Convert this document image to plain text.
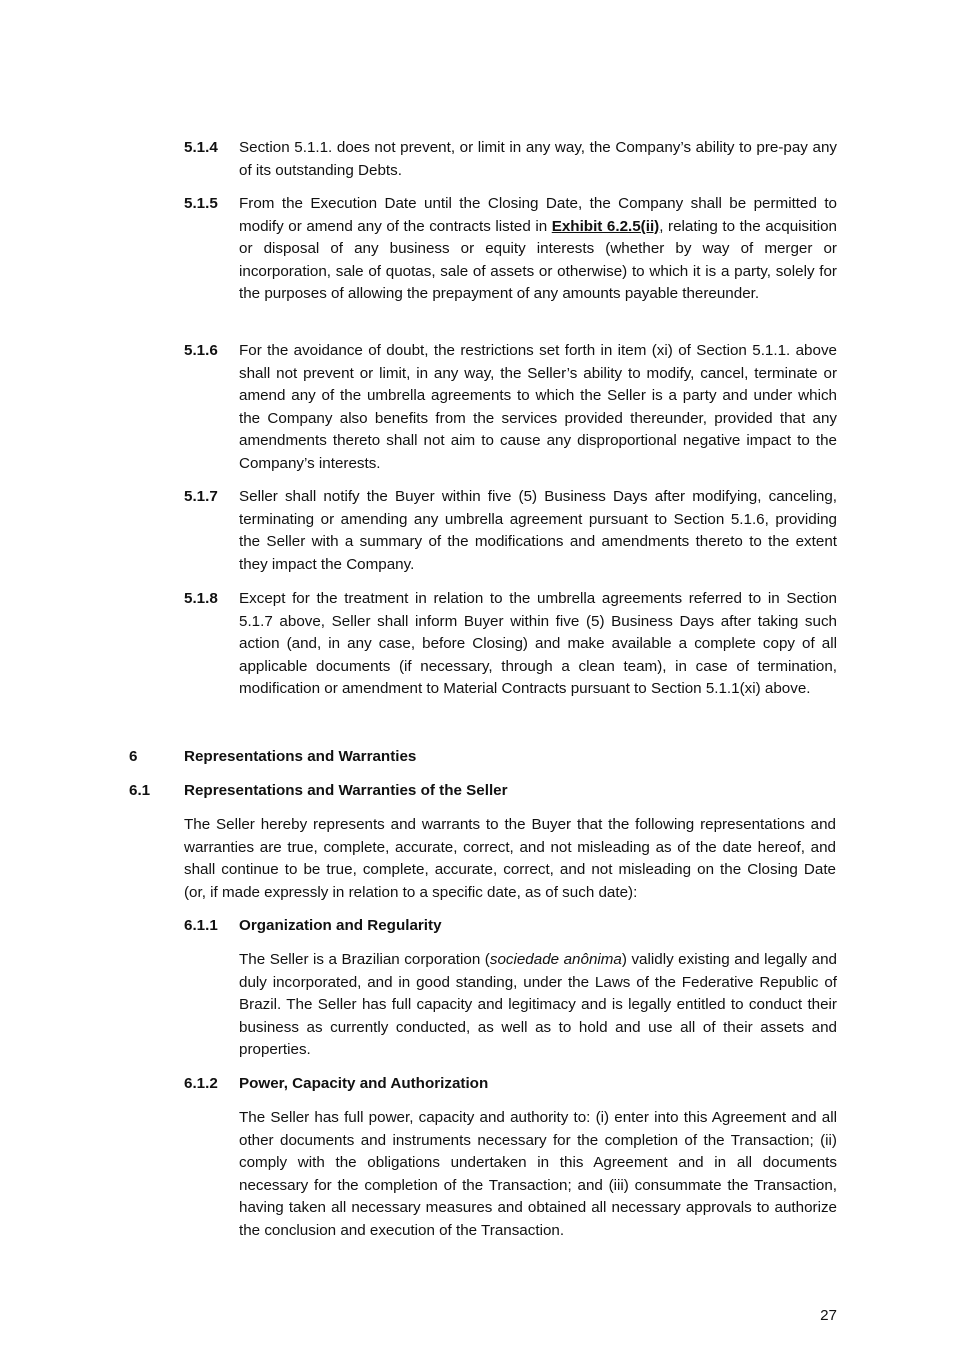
5.1.4 Section 5.1.1. does not prevent, or limit in any way, the Company’s ability to pre-pay any of its outstanding Debts.

5.1.5 From the Execution Date until the Closing Date, the Company shall be permitted to modify or amend any of the contracts listed in Exhibit 6.2.5(ii), relating to the acquisition or disposal of any business or equity interests (whether by way of merger or incorporation, sale of quotas, sale of assets or otherwise) to which it is a party, solely for the purposes of allowing the prepayment of any amounts payable thereunder.

5.1.6 For the avoidance of doubt, the restrictions set forth in item (xi) of Section 5.1.1. above shall not prevent or limit, in any way, the Seller’s ability to modify, cancel, terminate or amend any of the umbrella agreements to which the Seller is a party and under which the Company also benefits from the services provided thereunder, provided that any amendments thereto shall not aim to cause any disproportional negative impact to the Company’s interests.

5.1.7 Seller shall notify the Buyer within five (5) Business Days after modifying, canceling, terminating or amending any umbrella agreement pursuant to Section 5.1.6, providing the Seller with a summary of the modifications and amendments thereto to the extent they impact the Company.

5.1.8 Except for the treatment in relation to the umbrella agreements referred to in Section 5.1.7 above, Seller shall inform Buyer within five (5) Business Days after taking such action (and, in any case, before Closing) and make available a complete copy of all applicable documents (if necessary, through a clean team), in case of termination, modification or amendment to Material Contracts pursuant to Section 5.1.1(xi) above.

6	Representations and Warranties
6.1 Representations and Warranties of the Seller

The Seller hereby represents and warrants to the Buyer that the following representations and warranties are true, complete, accurate, correct, and not misleading as of the date hereof, and shall continue to be true, complete, accurate, correct, and not misleading on the Closing Date (or, if made expressly in relation to a specific date, as of such date):

6.1.1 Organization and Regularity

The Seller is a Brazilian corporation (sociedade anônima) validly existing and legally and duly incorporated, and in good standing, under the Laws of the Federative Republic of Brazil. The Seller has full capacity and legitimacy and is legally entitled to conduct their business as currently conducted, as well as to hold and use all of their assets and properties.

6.1.2 Power, Capacity and Authorization

The Seller has full power, capacity and authority to: (i) enter into this Agreement and all other documents and instruments necessary for the completion of the Transaction; (ii) comply with the obligations undertaken in this Agreement and in all documents necessary for the completion of the Transaction; and (iii) consummate the Transaction, having taken all necessary measures and obtained all necessary approvals to authorize the conclusion and execution of the Transaction.

27
